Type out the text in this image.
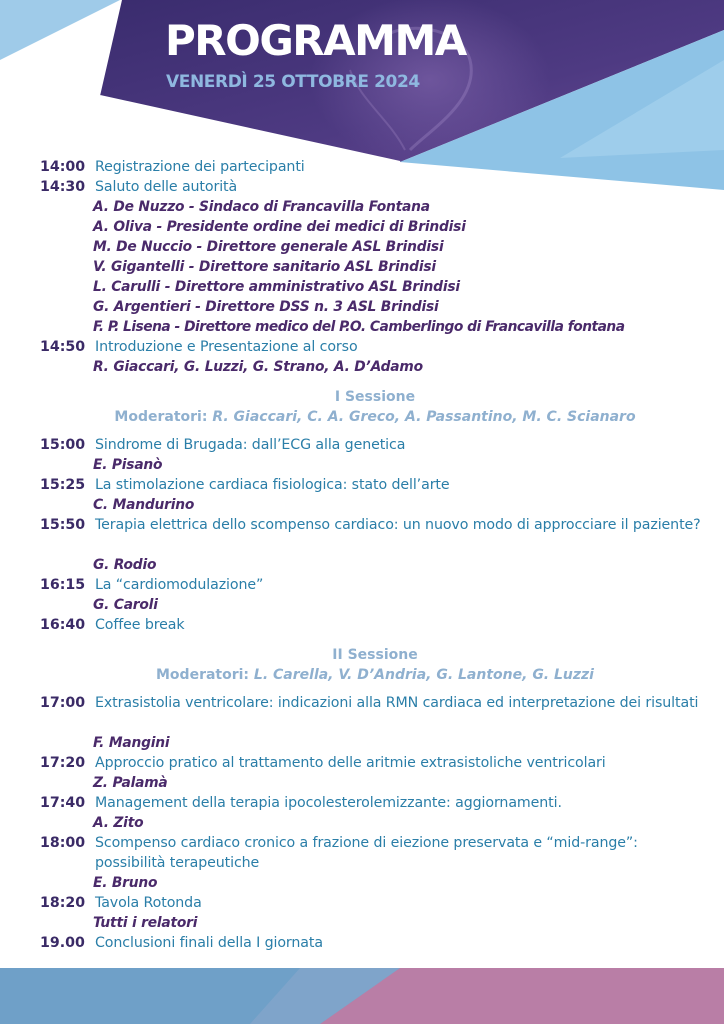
PROGRAMMA

VENERDÌ 25 OTTOBRE 2024

14:00 Registrazione dei partecipanti
14:30 Saluto delle autorità
A. De Nuzzo - Sindaco di Francavilla Fontana
A. Oliva - Presidente ordine dei medici di Brindisi
M. De Nuccio - Direttore generale ASL Brindisi
V. Gigantelli - Direttore sanitario ASL Brindisi
L. Carulli - Direttore amministrativo ASL Brindisi
G. Argentieri - Direttore DSS n. 3 ASL Brindisi
F. P. Lisena - Direttore medico del P.O. Camberlingo di Francavilla fontana
14:50 Introduzione e Presentazione al corso
R. Giaccari, G. Luzzi, G. Strano, A. D’Adamo
I Sessione
Moderatori: R. Giaccari, C. A. Greco, A. Passantino, M. C. Scianaro
15:00 Sindrome di Brugada: dall’ECG alla genetica
E. Pisanò
15:25 La stimolazione cardiaca fisiologica: stato dell’arte
C. Mandurino
15:50 Terapia elettrica dello scompenso cardiaco: un nuovo modo di approcciare il paziente?
G. Rodio
16:15 La “cardiomodulazione”
G. Caroli
16:40 Coffee break
II Sessione
Moderatori: L. Carella, V. D’Andria, G. Lantone, G. Luzzi
17:00 Extrasistolia ventricolare: indicazioni alla RMN cardiaca ed interpretazione dei risultati
F. Mangini
17:20 Approccio pratico al trattamento delle aritmie extrasistoliche ventricolari
Z. Palamà
17:40 Management della terapia ipocolesterolemizzante: aggiornamenti.
A. Zito
18:00 Scompenso cardiaco cronico a frazione di eiezione preservata e “mid-range”: possibilità terapeutiche
E. Bruno
18:20 Tavola Rotonda
Tutti i relatori
19.00 Conclusioni finali della I giornata
